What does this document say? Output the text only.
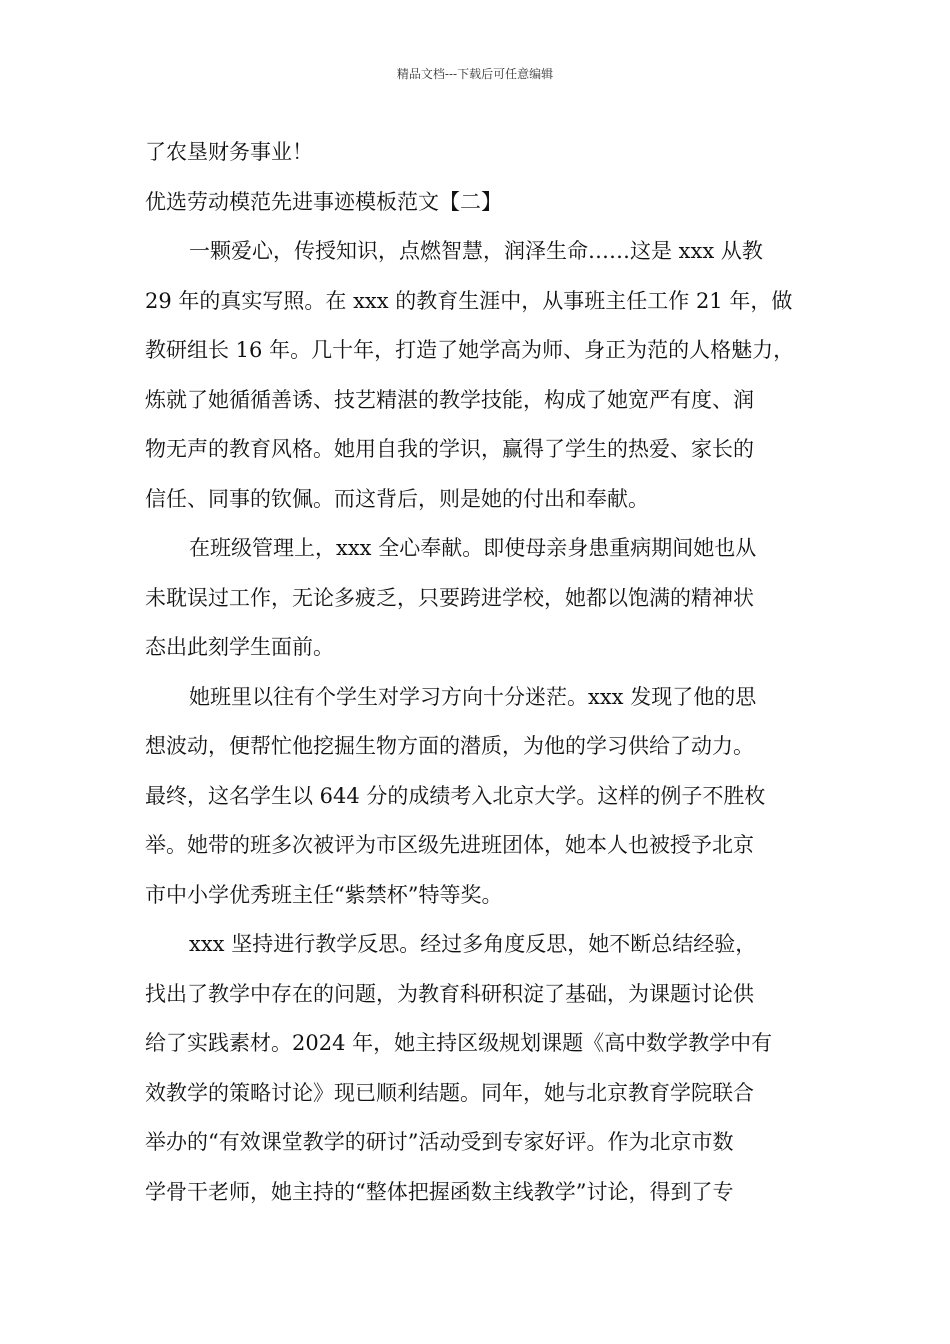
精品文档---下载后可任意编辑
了农垦财务事业！
优选劳动模范先进事迹模板范文【二】
一颗爱心，传授知识，点燃智慧，润泽生命……这是 xxx 从教
29 年的真实写照。在 xxx 的教育生涯中，从事班主任工作 21 年，做
教研组长 16 年。几十年，打造了她学高为师、身正为范的人格魅力，
炼就了她循循善诱、技艺精湛的教学技能，构成了她宽严有度、润
物无声的教育风格。她用自我的学识，赢得了学生的热爱、家长的
信任、同事的钦佩。而这背后，则是她的付出和奉献。
在班级管理上，xxx 全心奉献。即使母亲身患重病期间她也从
未耽误过工作，无论多疲乏，只要跨进学校，她都以饱满的精神状
态出此刻学生面前。
她班里以往有个学生对学习方向十分迷茫。xxx 发现了他的思
想波动，便帮忙他挖掘生物方面的潜质，为他的学习供给了动力。
最终，这名学生以 644 分的成绩考入北京大学。这样的例子不胜枚
举。她带的班多次被评为市区级先进班团体，她本人也被授予北京
市中小学优秀班主任“紫禁杯”特等奖。
xxx 坚持进行教学反思。经过多角度反思，她不断总结经验，
找出了教学中存在的问题，为教育科研积淀了基础，为课题讨论供
给了实践素材。2024 年，她主持区级规划课题《高中数学教学中有
效教学的策略讨论》现已顺利结题。同年，她与北京教育学院联合
举办的“有效课堂教学的研讨”活动受到专家好评。作为北京市数
学骨干老师，她主持的“整体把握函数主线教学”讨论，得到了专
